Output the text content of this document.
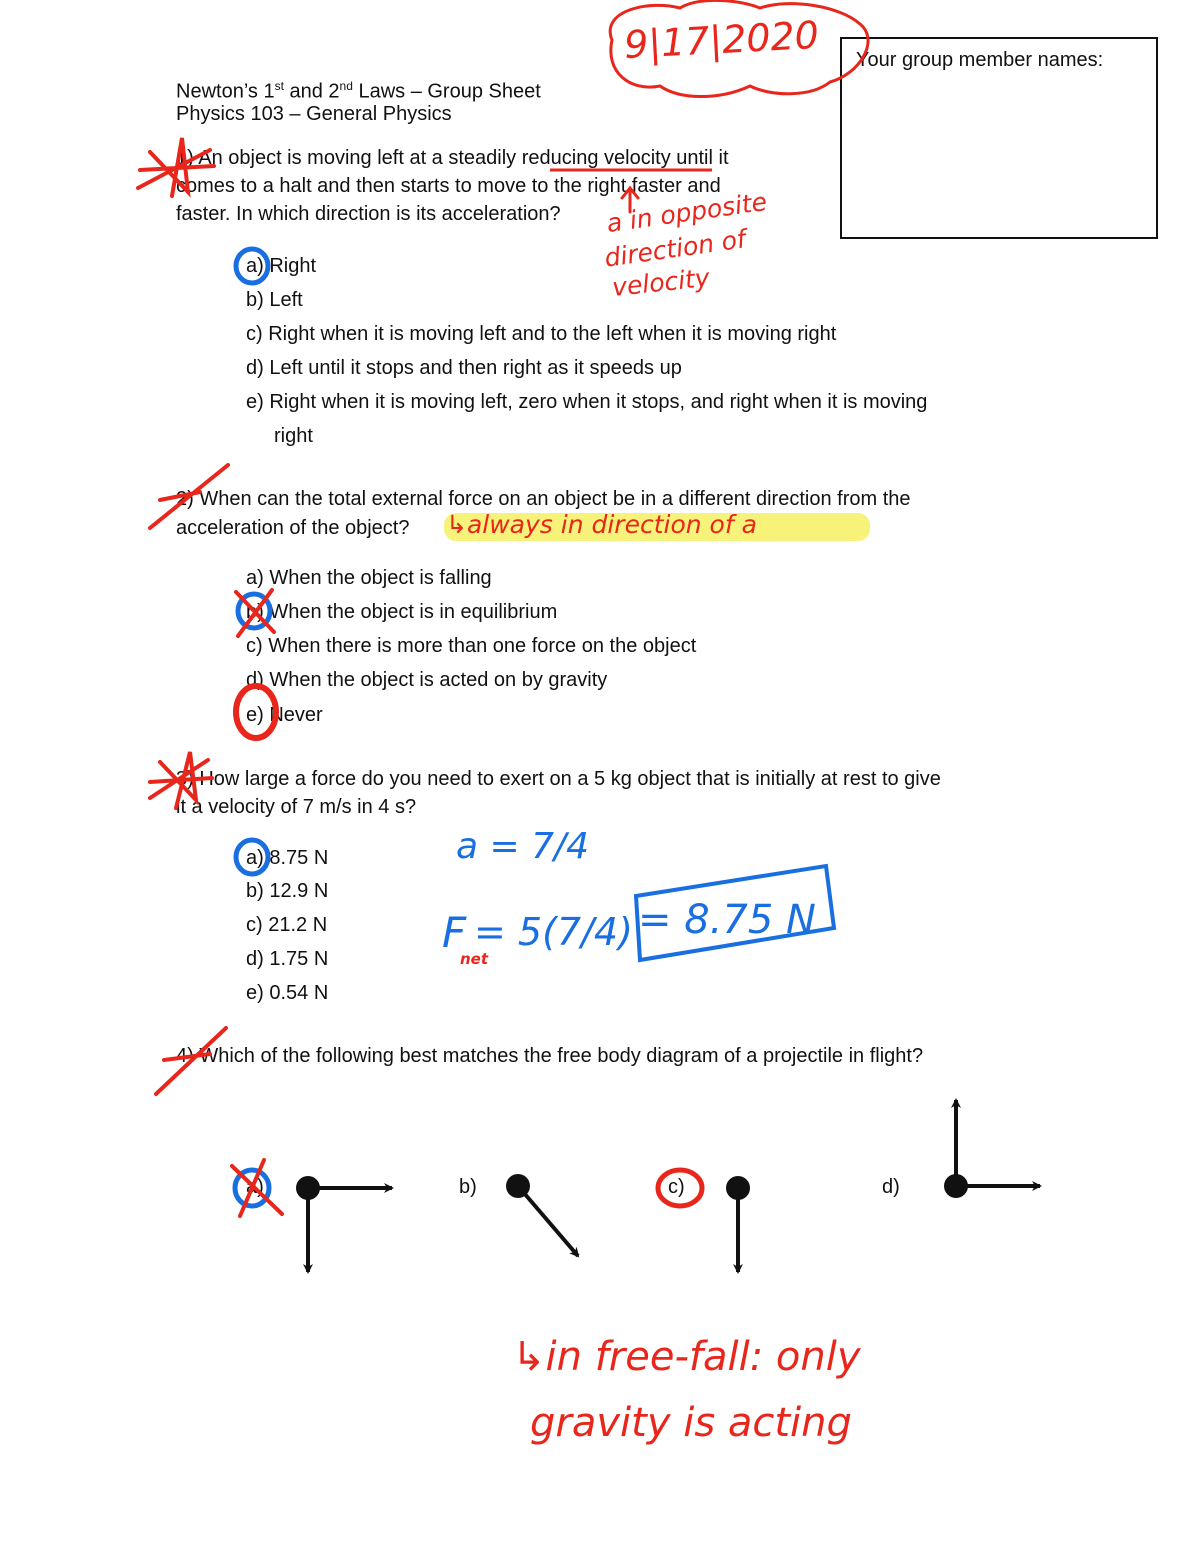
Newton’s 1st and 2nd Laws – Group Sheet
Physics 103 – General Physics
Your group member names:
1) An object is moving left at a steadily reducing velocity until it
comes to a halt and then starts to move to the right faster and
faster. In which direction is its acceleration?
a) Right
b) Left
c) Right when it is moving left and to the left when it is moving right
d) Left until it stops and then right as it speeds up
e) Right when it is moving left, zero when it stops, and right when it is moving
right
2) When can the total external force on an object be in a different direction from the
acceleration of the object?
a) When the object is falling
b) When the object is in equilibrium
c) When there is more than one force on the object
d) When the object is acted on by gravity
e) Never
3) How large a force do you need to exert on a 5 kg object that is initially at rest to give
it a velocity of 7 m/s in 4 s?
a) 8.75 N
b) 12.9 N
c) 21.2 N
d) 1.75 N
e) 0.54 N
4) Which of the following best matches the free body diagram of a projectile in flight?
a)	b)	c)	d)
9|17|2020
a in opposite
direction of
velocity
↳always in direction of a
a = 7/4
F
net
= 5(7/4) = 8.75 N
↳in free-fall: only
gravity is acting
